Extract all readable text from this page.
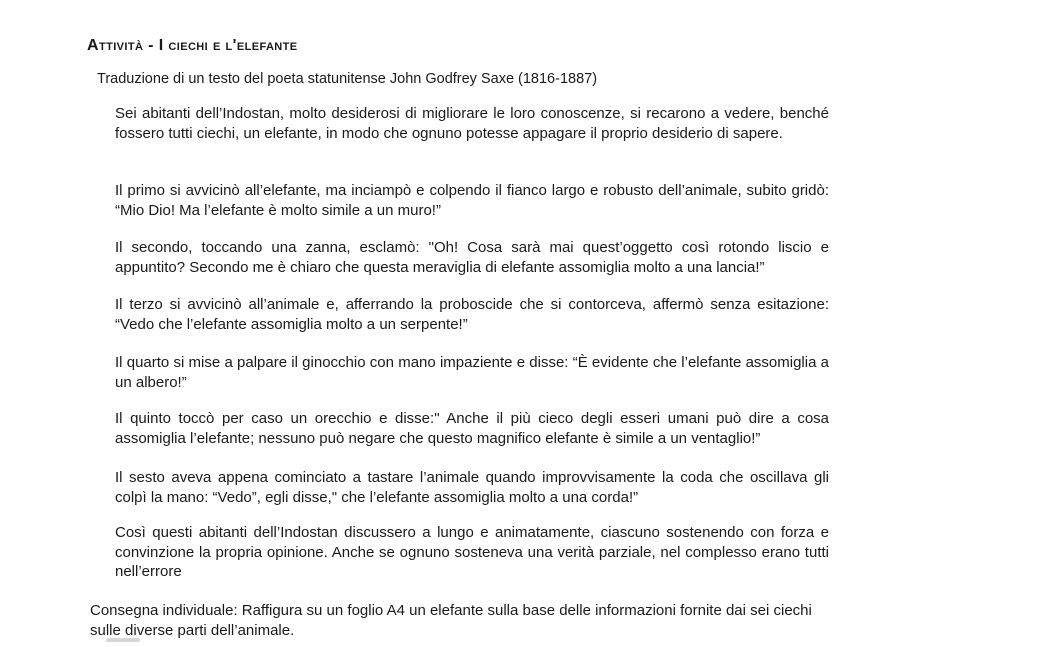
Attività - I ciechi e l'elefante
Traduzione di un testo del poeta statunitense John Godfrey Saxe (1816-1887)

Sei abitanti dell’Indostan, molto desiderosi di migliorare le loro conoscenze, si recarono a vedere, benché fossero tutti ciechi, un elefante, in modo che ognuno potesse appagare il proprio desiderio di sapere.

Il primo si avvicinò all’elefante, ma inciampò e colpendo il fianco largo e robusto dell’animale, subito gridò: “Mio Dio! Ma l’elefante è molto simile a un muro!”

Il secondo, toccando una zanna, esclamò: "Oh! Cosa sarà mai quest’oggetto così rotondo liscio e appuntito? Secondo me è chiaro che questa meraviglia di elefante assomiglia molto a una lancia!”

Il terzo si avvicinò all’animale e, afferrando la proboscide che si contorceva, affermò senza esitazione: “Vedo che l’elefante assomiglia molto a un serpente!”

Il quarto si mise a palpare il ginocchio con mano impaziente e disse: “È evidente che l’elefante assomiglia a un albero!”

Il quinto toccò per caso un orecchio e disse:" Anche il più cieco degli esseri umani può dire a cosa assomiglia l’elefante; nessuno può negare che questo magnifico elefante è simile a un ventaglio!”

Il sesto aveva appena cominciato a tastare l’animale quando improvvisamente la coda che oscillava gli colpì la mano: “Vedo”, egli disse," che l’elefante assomiglia molto a una corda!”

Così questi abitanti dell’Indostan discussero a lungo e animatamente, ciascuno sostenendo con forza e convinzione la propria opinione. Anche se ognuno sosteneva una verità parziale, nel complesso erano tutti nell’errore

Consegna individuale: Raffigura su un foglio A4 un elefante sulla base delle informazioni fornite dai sei ciechi sulle diverse parti dell’animale.
